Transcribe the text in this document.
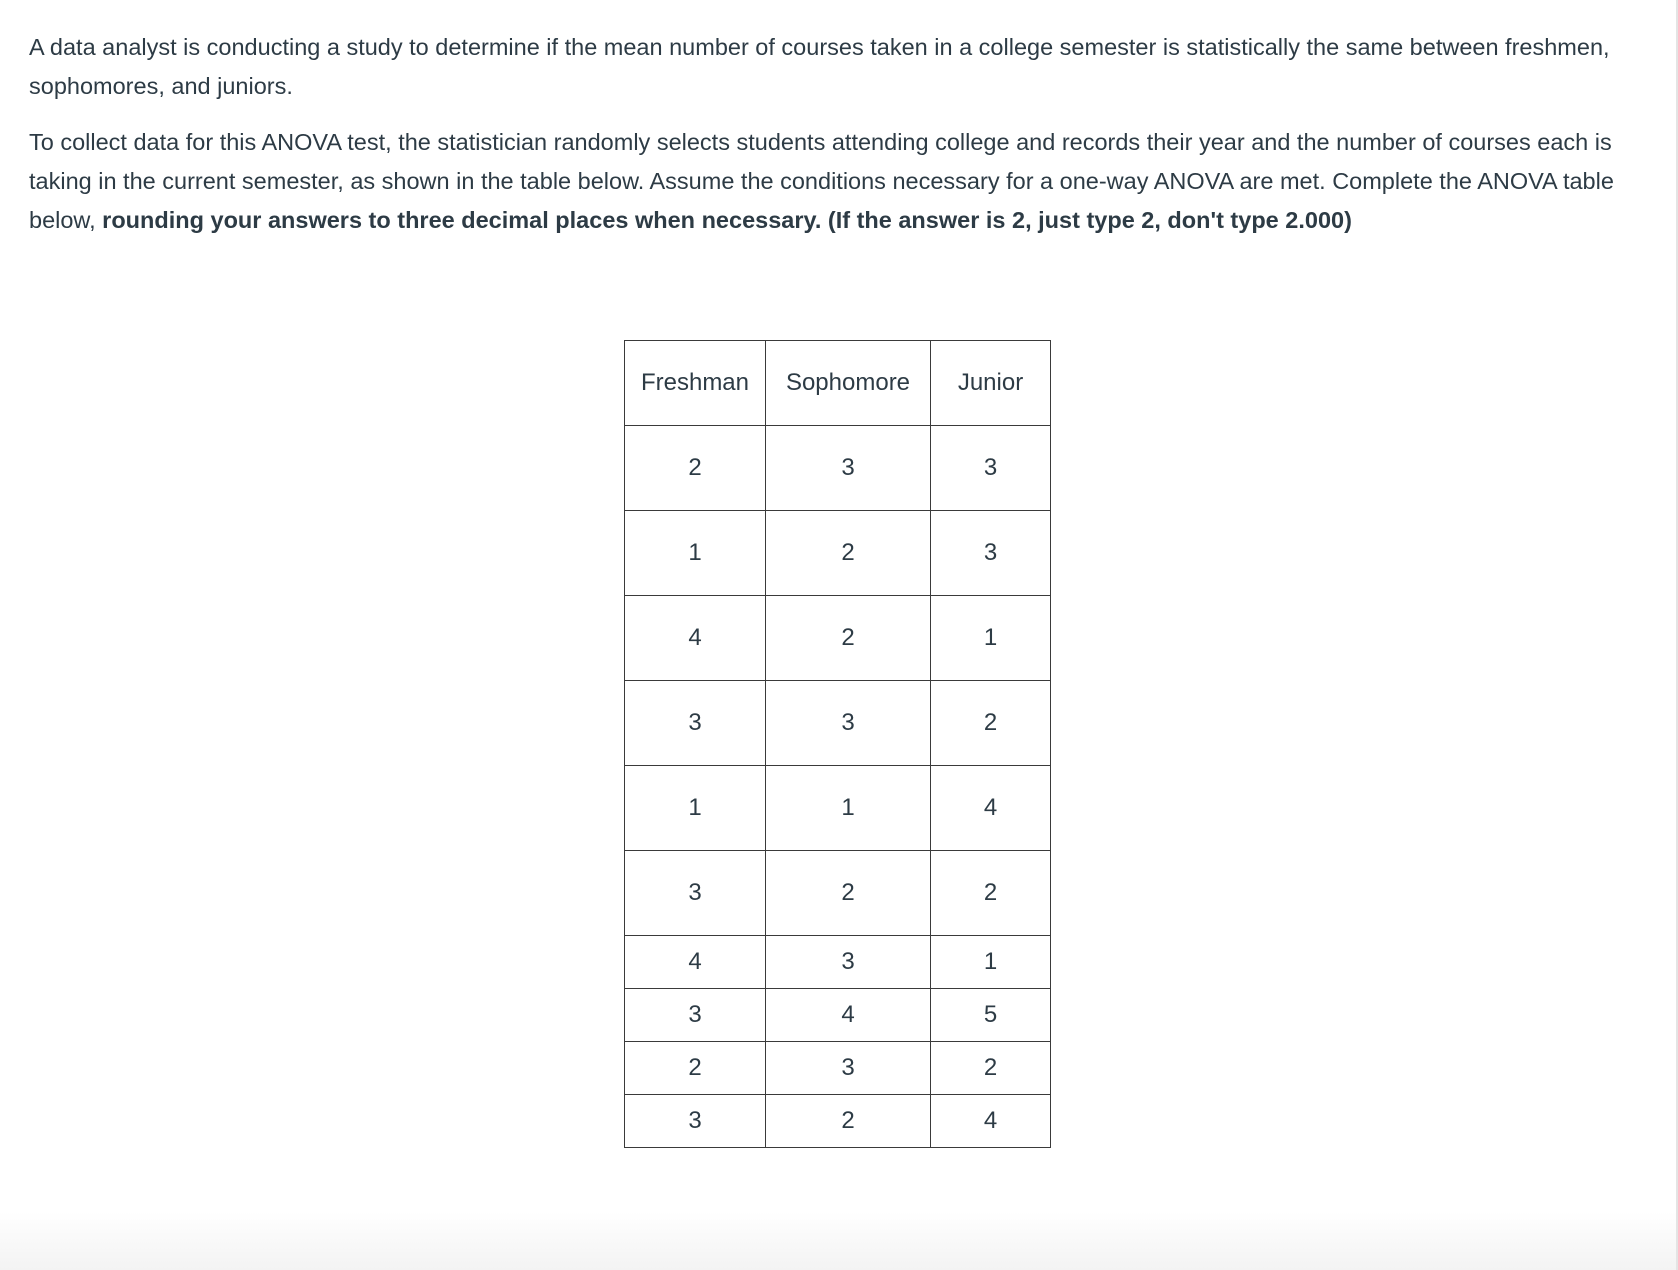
A data analyst is conducting a study to determine if the mean number of courses taken in a college semester is statistically the same between freshmen, sophomores, and juniors.

To collect data for this ANOVA test, the statistician randomly selects students attending college and records their year and the number of courses each is taking in the current semester, as shown in the table below. Assume the conditions necessary for a one-way ANOVA are met. Complete the ANOVA table below, rounding your answers to three decimal places when necessary. (If the answer is 2, just type 2, don't type 2.000)

Freshman	Sophomore	Junior
2	3	3
1	2	3
4	2	1
3	3	2
1	1	4
3	2	2
4	3	1
3	4	5
2	3	2
3	2	4
